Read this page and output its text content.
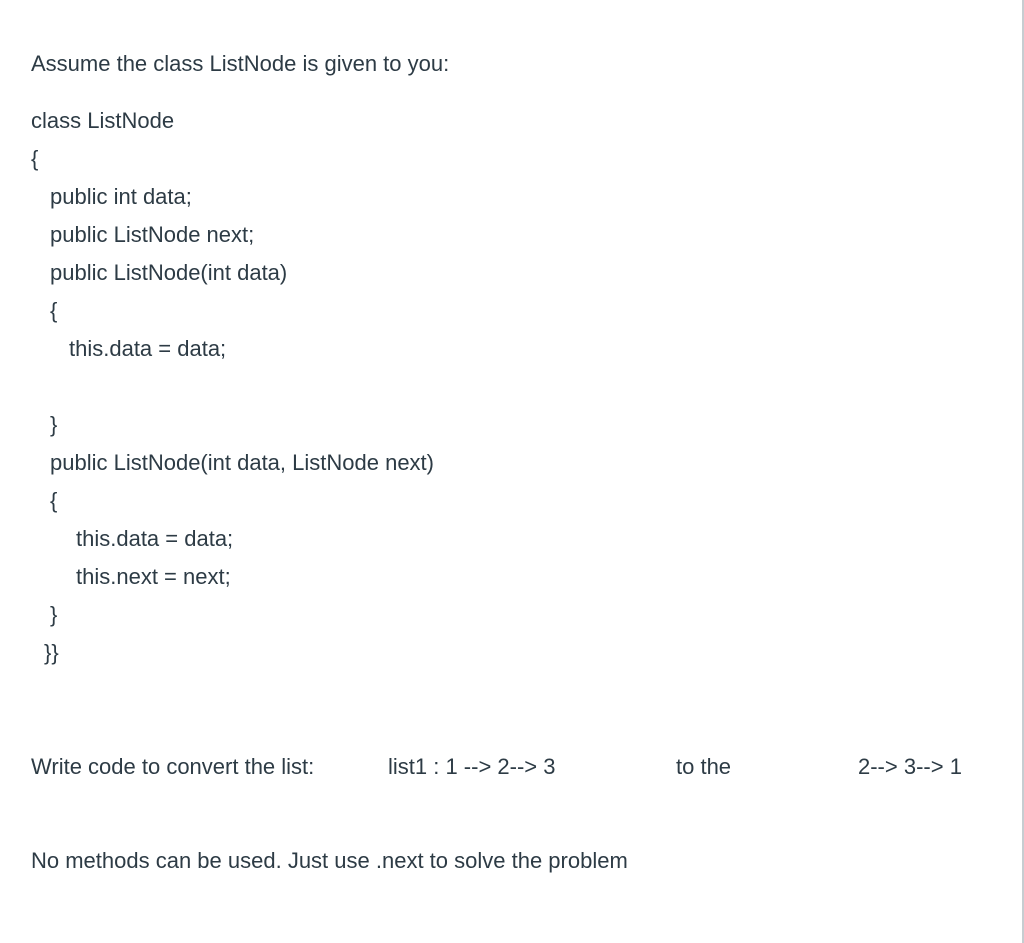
Assume the class ListNode is given to you:

class ListNode

{

public int data;

public ListNode next;

public ListNode(int data)

{

this.data = data;

}

public ListNode(int data, ListNode next)

{

this.data = data;

this.next = next;

}

}}

Write code to convert the list:	list1 : 1 --> 2--> 3	to the	2--> 3--> 1

No methods can be used. Just use .next to solve the problem
